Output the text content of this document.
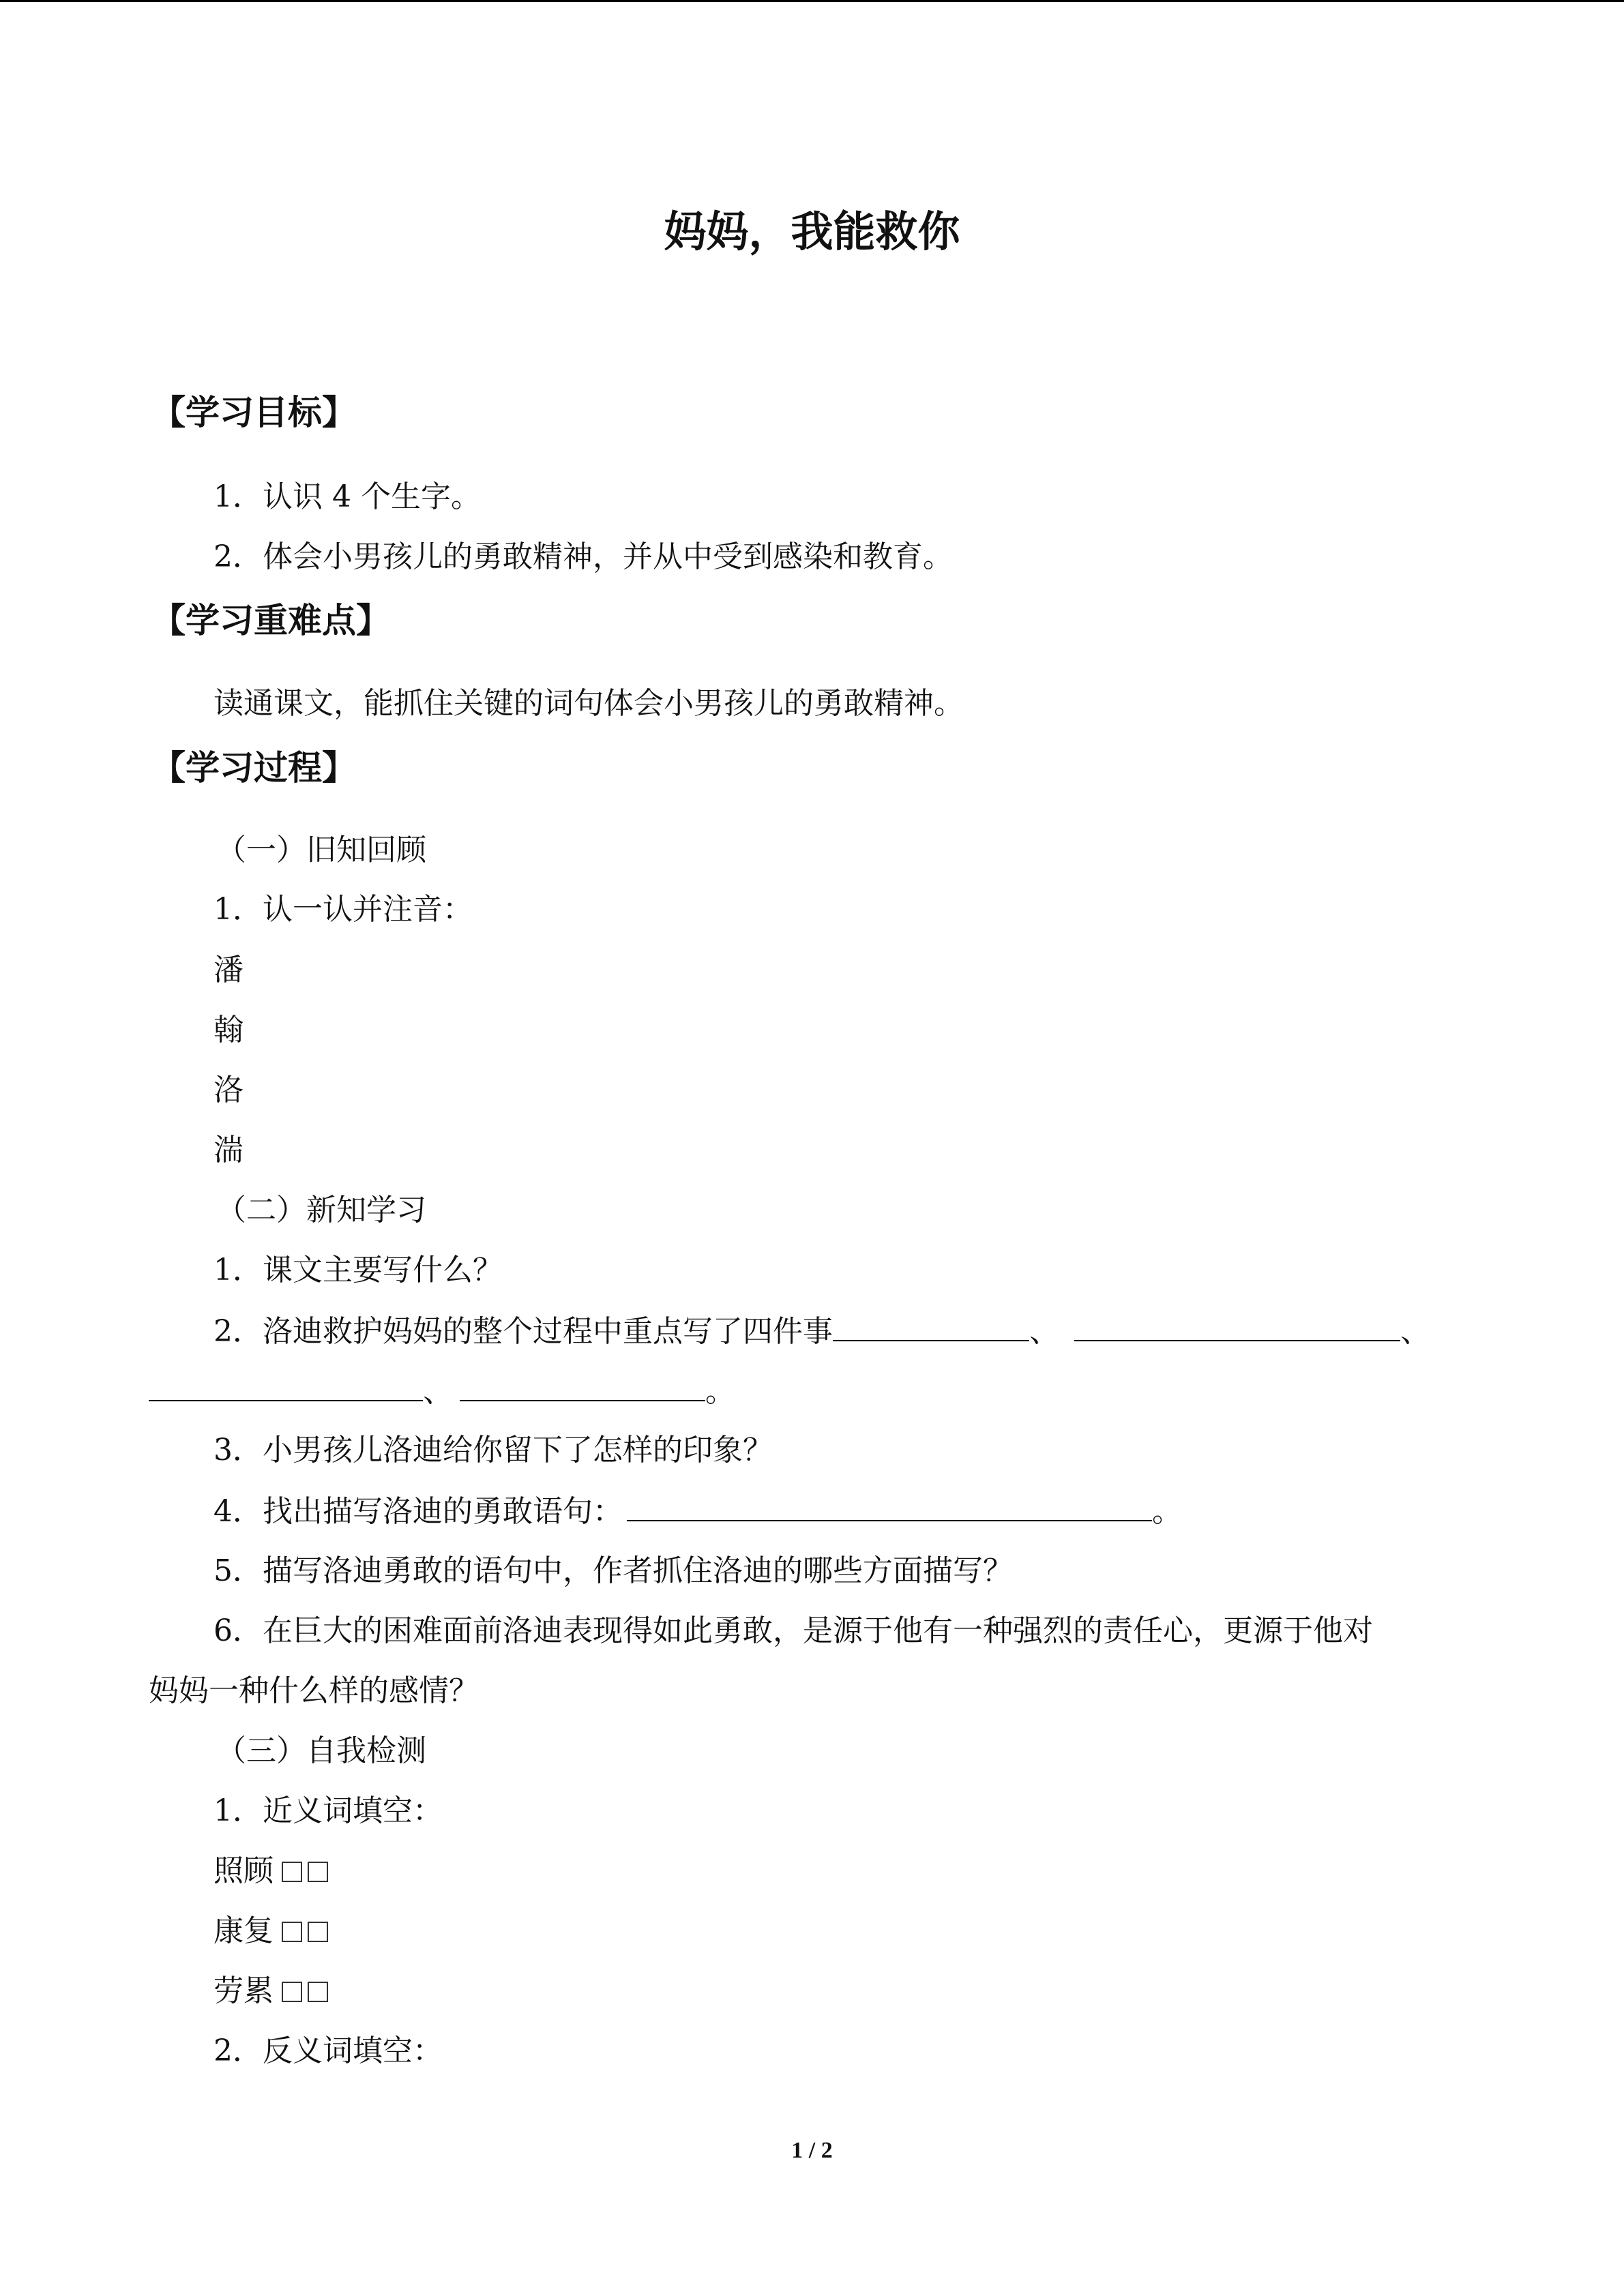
妈妈，我能救你
【学习目标】
1．认识 4 个生字。
2．体会小男孩儿的勇敢精神，并从中受到感染和教育。
【学习重难点】
读通课文，能抓住关键的词句体会小男孩儿的勇敢精神。
【学习过程】
（一）旧知回顾
1．认一认并注音：
潘
翰
洛
湍
（二）新知学习
1．课文主要写什么？
2．洛迪救护妈妈的整个过程中重点写了四件事	、	、
、	。
3．小男孩儿洛迪给你留下了怎样的印象？
4．找出描写洛迪的勇敢语句：	。
5．描写洛迪勇敢的语句中，作者抓住洛迪的哪些方面描写？
6．在巨大的困难面前洛迪表现得如此勇敢，是源于他有一种强烈的责任心，更源于他对
妈妈一种什么样的感情？
（三）自我检测
1．近义词填空：
照顾
康复
劳累
2．反义词填空：
1 / 2
